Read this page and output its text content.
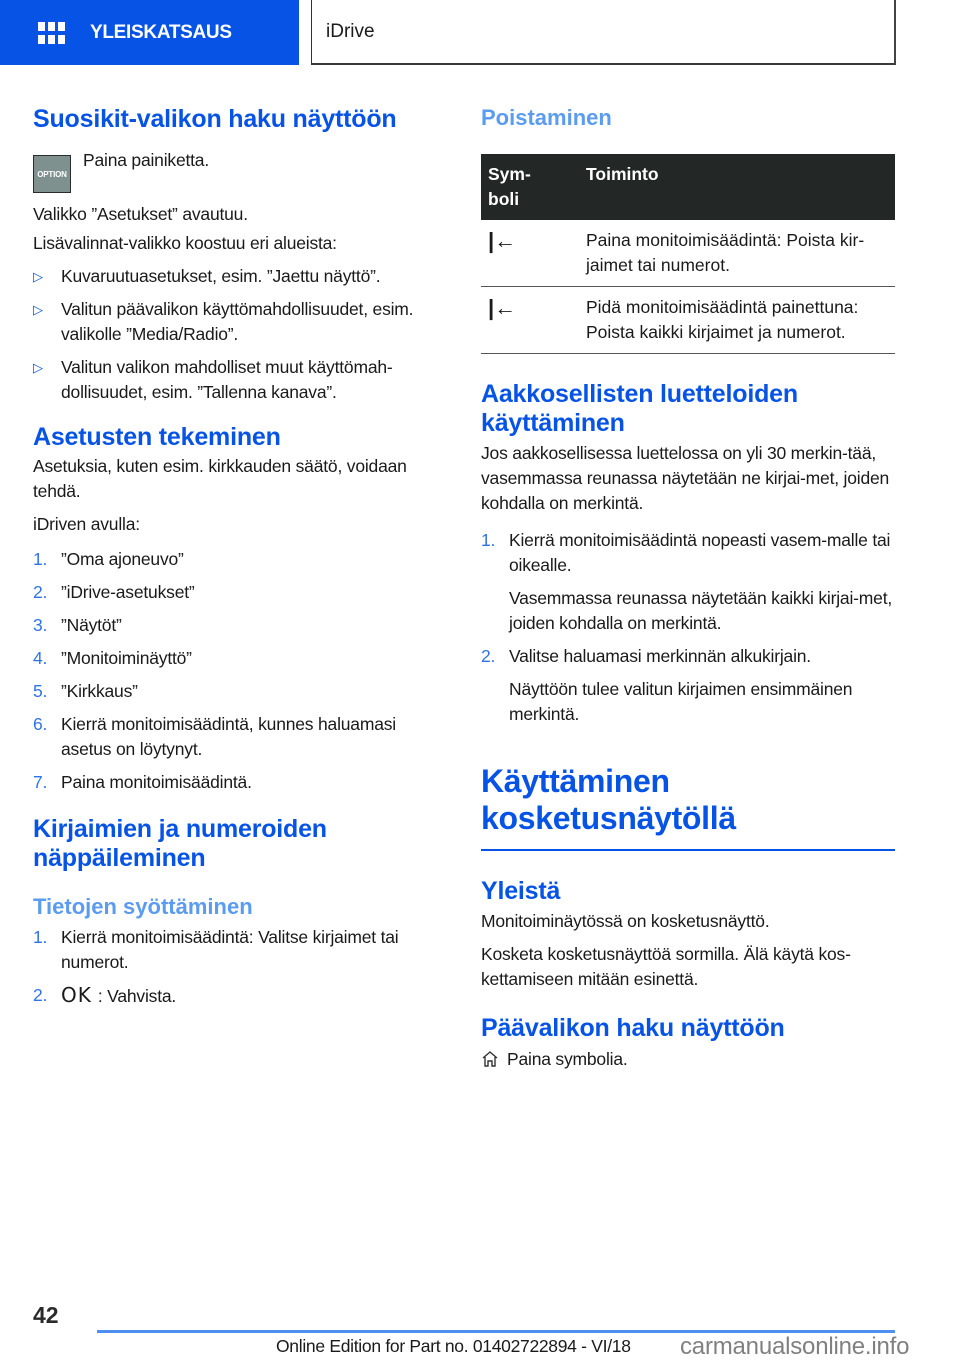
YLEISKATSAUS	iDrive
Suosikit-valikon haku näyttöön
OPTION

Paina painiketta.

Valikko ”Asetukset” avautuu.

Lisävalinnat-valikko koostuu eri alueista:

▷ Kuvaruutuasetukset, esim. ”Jaettu näyttö”.
▷ Valitun päävalikon käyttömahdollisuudet, esim. valikolle ”Media/Radio”.
▷ Valitun valikon mahdolliset muut käyttömah-dollisuudet, esim. ”Tallenna kanava”.
Asetusten tekeminen

Asetuksia, kuten esim. kirkkauden säätö, voidaan tehdä.

iDriven avulla:

1. ”Oma ajoneuvo”
2. ”iDrive-asetukset”
3. ”Näytöt”
4. ”Monitoiminäyttö”
5. ”Kirkkaus”
6. Kierrä monitoimisäädintä, kunnes haluamasi asetus on löytynyt.
7. Paina monitoimisäädintä.
Kirjaimien ja numeroiden näppäileminen
Tietojen syöttäminen
1. Kierrä monitoimisäädintä: Valitse kirjaimet tai numerot.
2. OK : Vahvista.
Poistaminen
Sym-
boli	Toiminto
|←	Paina monitoimisäädintä: Poista kir-jaimet tai numerot.
|←	Pidä monitoimisäädintä painettuna: Poista kaikki kirjaimet ja numerot.
Aakkosellisten luetteloiden käyttäminen

Jos aakkosellisessa luettelossa on yli 30 merkin-tää, vasemmassa reunassa näytetään ne kirjai-met, joiden kohdalla on merkintä.

1. Kierrä monitoimisäädintä nopeasti vasem-malle tai oikealle.
Vasemmassa reunassa näytetään kaikki kirjai-met, joiden kohdalla on merkintä.
2. Valitse haluamasi merkinnän alkukirjain.
Näyttöön tulee valitun kirjaimen ensimmäinen merkintä.
Käyttäminen kosketusnäytöllä
Yleistä

Monitoiminäytössä on kosketusnäyttö.

Kosketa kosketusnäyttöä sormilla. Älä käytä kos-kettamiseen mitään esinettä.

Päävalikon haku näyttöön

Paina symbolia.

42
Online Edition for Part no. 01402722894 - VI/18 carmanualsonline.info
